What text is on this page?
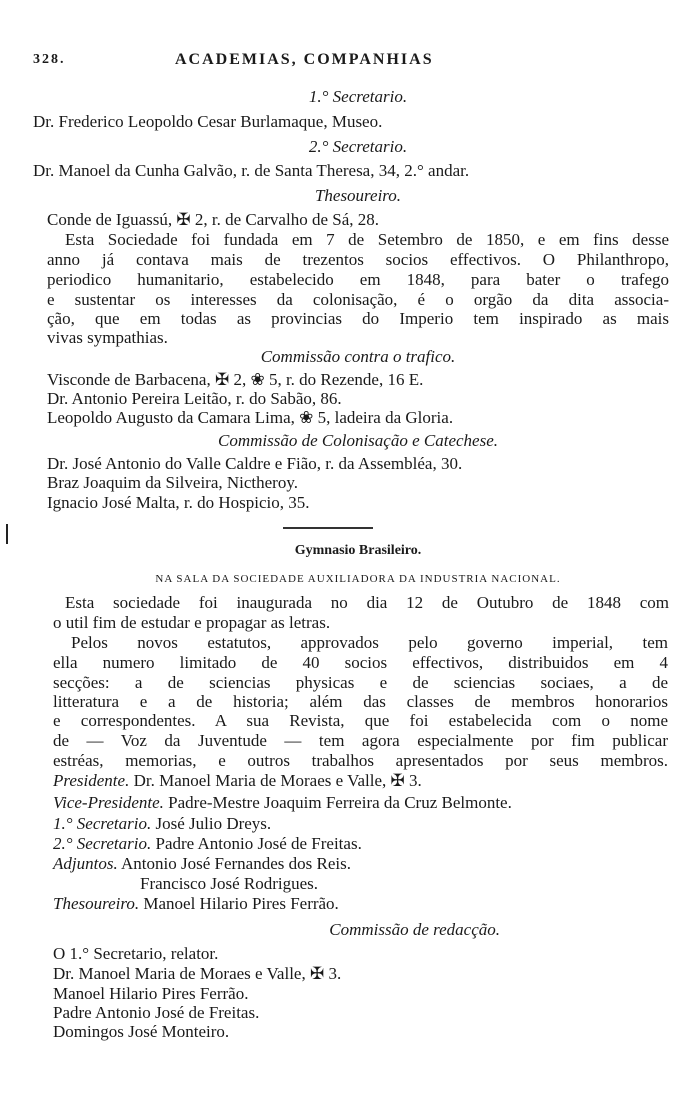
328.	ACADEMIAS, COMPANHIAS
1.° Secretario.
Dr. Frederico Leopoldo Cesar Burlamaque, Museo.
2.° Secretario.
Dr. Manoel da Cunha Galvão, r. de Santa Theresa, 34, 2.° andar.
Thesoureiro.
Conde de Iguassú, ✠ 2, r. de Carvalho de Sá, 28.
Esta Sociedade foi fundada em 7 de Setembro de 1850, e em fins desse
anno já contava mais de trezentos socios effectivos. O Philanthropo,
periodico humanitario, estabelecido em 1848, para bater o trafego
e sustentar os interesses da colonisação, é o orgão da dita associa-
ção, que em todas as provincias do Imperio tem inspirado as mais
vivas sympathias.
Commissão contra o trafico.
Visconde de Barbacena, ✠ 2, ❀ 5, r. do Rezende, 16 E.
Dr. Antonio Pereira Leitão, r. do Sabão, 86.
Leopoldo Augusto da Camara Lima, ❀ 5, ladeira da Gloria.
Commissão de Colonisação e Catechese.
Dr. José Antonio do Valle Caldre e Fião, r. da Assembléa, 30.
Braz Joaquim da Silveira, Nictheroy.
Ignacio José Malta, r. do Hospicio, 35.
Gymnasio Brasileiro.
NA SALA DA SOCIEDADE AUXILIADORA DA INDUSTRIA NACIONAL.
Esta sociedade foi inaugurada no dia 12 de Outubro de 1848 com
o util fim de estudar e propagar as letras.
Pelos novos estatutos, approvados pelo governo imperial, tem
ella numero limitado de 40 socios effectivos, distribuidos em 4
secções: a de sciencias physicas e de sciencias sociaes, a de
litteratura e a de historia; além das classes de membros honorarios
e correspondentes. A sua Revista, que foi estabelecida com o nome
de — Voz da Juventude — tem agora especialmente por fim publicar
estréas, memorias, e outros trabalhos apresentados por seus membros.
Presidente. Dr. Manoel Maria de Moraes e Valle, ✠ 3.
Vice-Presidente. Padre-Mestre Joaquim Ferreira da Cruz Belmonte.
1.° Secretario. José Julio Dreys.
2.° Secretario. Padre Antonio José de Freitas.
Adjuntos. Antonio José Fernandes dos Reis.
Francisco José Rodrigues.
Thesoureiro. Manoel Hilario Pires Ferrão.
Commissão de redacção.
O 1.° Secretario, relator.
Dr. Manoel Maria de Moraes e Valle, ✠ 3.
Manoel Hilario Pires Ferrão.
Padre Antonio José de Freitas.
Domingos José Monteiro.
